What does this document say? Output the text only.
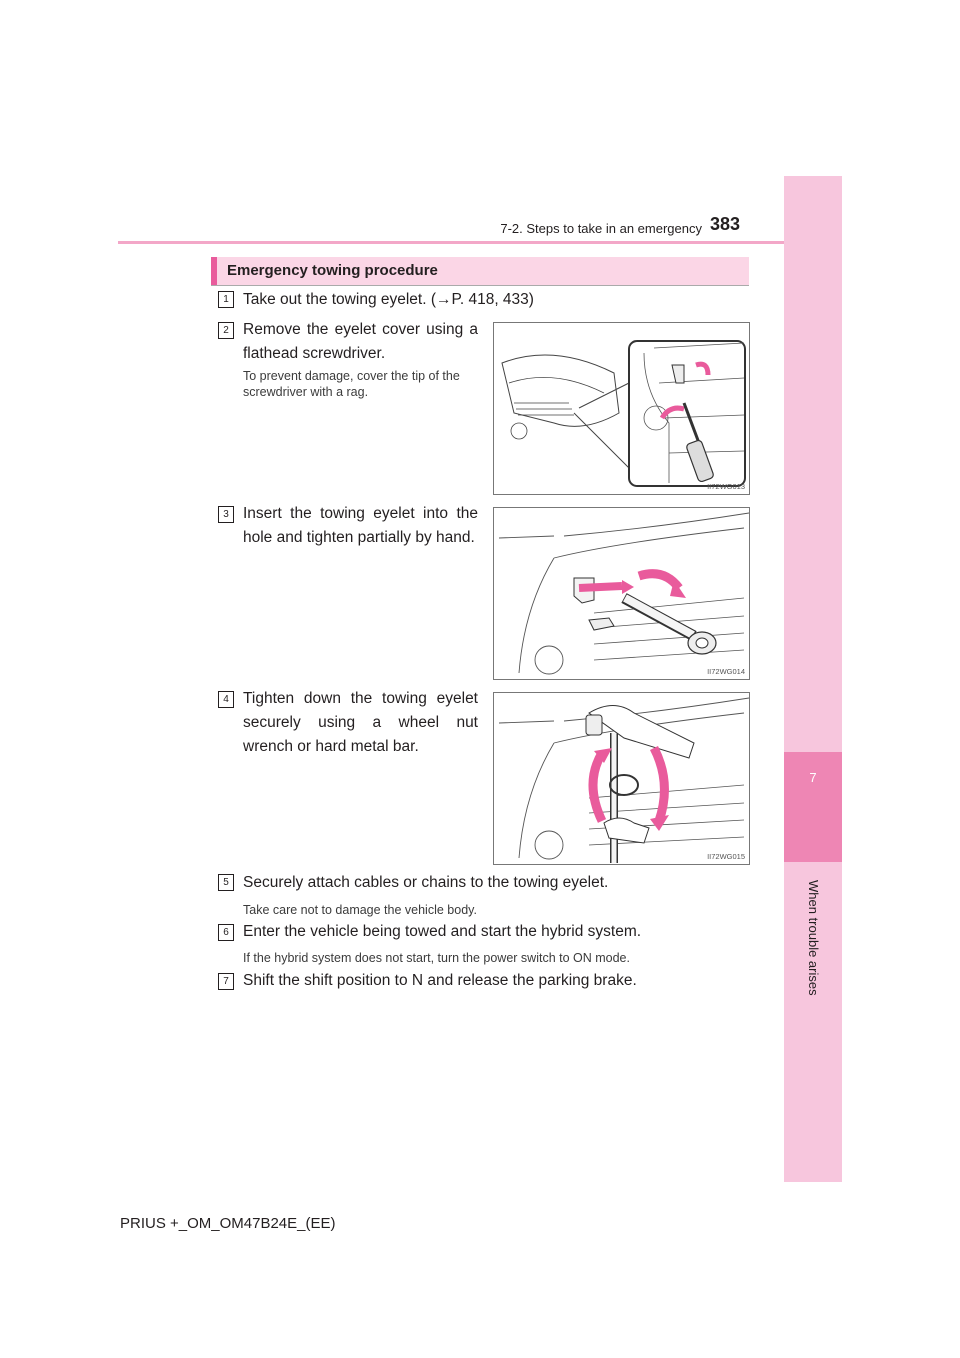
7
When trouble arises
7-2. Steps to take in an emergency 383
Emergency towing procedure
1 Take out the towing eyelet. (→P. 418, 433)
2 Remove the eyelet cover using a flathead screwdriver.
To prevent damage, cover the tip of the screwdriver with a rag.
II72WG013
3 Insert the towing eyelet into the hole and tighten partially by hand.
II72WG014
4 Tighten down the towing eyelet securely using a wheel nut wrench or hard metal bar.
II72WG015
5 Securely attach cables or chains to the towing eyelet.
Take care not to damage the vehicle body.
6 Enter the vehicle being towed and start the hybrid system.
If the hybrid system does not start, turn the power switch to ON mode.
7 Shift the shift position to N and release the parking brake.
PRIUS +_OM_OM47B24E_(EE)
